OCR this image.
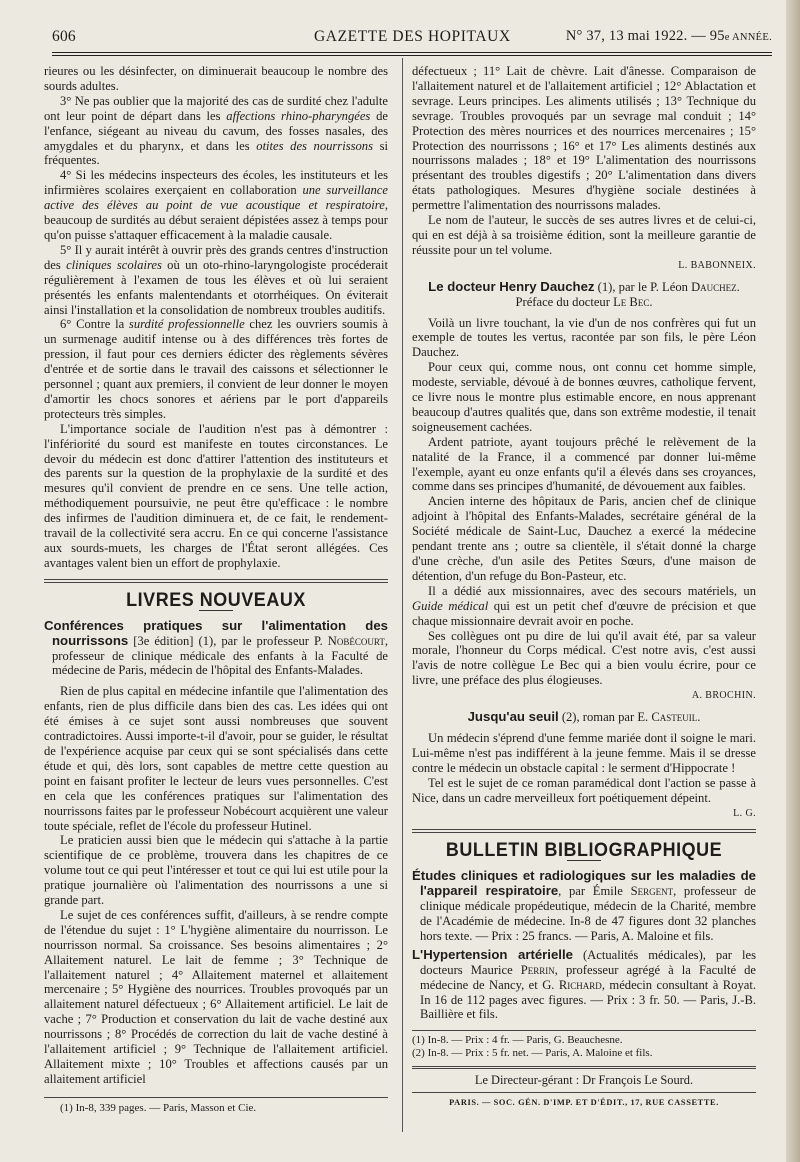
606	GAZETTE DES HOPITAUX	N° 37, 13 mai 1922. — 95e ANNÉE.

rieures ou les désinfecter, on diminuerait beaucoup le nombre des sourds adultes.

3° Ne pas oublier que la majorité des cas de surdité chez l'adulte ont leur point de départ dans les affections rhino-pharyngées de l'enfance, siégeant au niveau du cavum, des fosses nasales, des amygdales et du pharynx, et dans les otites des nourrissons si fréquentes.

4° Si les médecins inspecteurs des écoles, les instituteurs et les infirmières scolaires exerçaient en collaboration une surveillance active des élèves au point de vue acoustique et respiratoire, beaucoup de surdités au début seraient dépistées assez à temps pour qu'on puisse s'attaquer efficacement à la maladie causale.

5° Il y aurait intérêt à ouvrir près des grands centres d'instruction des cliniques scolaires où un oto-rhino-laryngologiste procéderait régulièrement à l'examen de tous les élèves et où lui seraient présentés les enfants malentendants et otorrhéiques. On éviterait ainsi l'installation et la consolidation de nombreux troubles auditifs.

6° Contre la surdité professionnelle chez les ouvriers soumis à un surmenage auditif intense ou à des différences très fortes de pression, il faut pour ces derniers édicter des règlements sévères d'entrée et de sortie dans le travail des caissons et sélectionner le personnel ; quant aux premiers, il convient de leur donner le moyen d'amortir les chocs sonores et aériens par le port d'appareils protecteurs très simples.

L'importance sociale de l'audition n'est pas à démontrer : l'infériorité du sourd est manifeste en toutes circonstances. Le devoir du médecin est donc d'attirer l'attention des instituteurs et des parents sur la question de la prophylaxie de la surdité et des mesures qu'il convient de prendre en ce sens. Une telle action, méthodiquement poursuivie, ne peut être qu'efficace : le nombre des infirmes de l'audition diminuera et, de ce fait, le rendement-travail de la collectivité sera accru. En ce qui concerne l'assistance aux sourds-muets, les charges de l'État seront allégées. Ces avantages valent bien un effort de prophylaxie.

LIVRES NOUVEAUX

Conférences pratiques sur l'alimentation des nourrissons [3e édition] (1), par le professeur P. Nobécourt, professeur de clinique médicale des enfants à la Faculté de médecine de Paris, médecin de l'hôpital des Enfants-Malades.

Rien de plus capital en médecine infantile que l'alimentation des enfants, rien de plus difficile dans bien des cas. Les idées qui ont été émises à ce sujet sont aussi nombreuses que souvent contradictoires. Aussi importe-t-il d'avoir, pour se guider, le résultat de l'expérience acquise par ceux qui se sont spécialisés dans cette étude et qui, dès lors, sont capables de mettre cette question au point en faisant profiter le lecteur de leurs vues personnelles. C'est en cela que les conférences pratiques sur l'alimentation des nourrissons faites par le professeur Nobécourt acquièrent une valeur toute spéciale, reflet de l'école du professeur Hutinel.

Le praticien aussi bien que le médecin qui s'attache à la partie scientifique de ce problème, trouvera dans les chapitres de ce volume tout ce qui peut l'intéresser et tout ce qui lui est utile pour la pratique journalière où l'alimentation des nourrissons a une si grande part.

Le sujet de ces conférences suffit, d'ailleurs, à se rendre compte de l'étendue du sujet : 1° L'hygiène alimentaire du nourrisson. Le nourrisson normal. Sa croissance. Ses besoins alimentaires ; 2° Allaitement naturel. Le lait de femme ; 3° Technique de l'allaitement naturel ; 4° Allaitement maternel et allaitement mercenaire ; 5° Hygiène des nourrices. Troubles provoqués par un allaitement naturel défectueux ; 6° Allaitement artificiel. Le lait de vache ; 7° Production et conservation du lait de vache destiné aux nourrissons ; 8° Procédés de correction du lait de vache destiné à l'allaitement artificiel ; 9° Technique de l'allaitement artificiel. Allaitement mixte ; 10° Troubles et affections causés par un allaitement artificiel

(1) In-8, 339 pages. — Paris, Masson et Cie.

défectueux ; 11° Lait de chèvre. Lait d'ânesse. Comparaison de l'allaitement naturel et de l'allaitement artificiel ; 12° Ablactation et sevrage. Leurs principes. Les aliments utilisés ; 13° Technique du sevrage. Troubles provoqués par un sevrage mal conduit ; 14° Protection des mères nourrices et des nourrices mercenaires ; 15° Protection des nourrissons ; 16° et 17° Les aliments destinés aux nourrissons malades ; 18° et 19° L'alimentation des nourrissons présentant des troubles digestifs ; 20° L'alimentation dans divers états pathologiques. Mesures d'hygiène sociale destinées à permettre l'alimentation des nourrissons malades.

Le nom de l'auteur, le succès de ses autres livres et de celui-ci, qui en est déjà à sa troisième édition, sont la meilleure garantie de réussite pour un tel volume.

L. BABONNEIX.
Le docteur Henry Dauchez (1), par le P. Léon Dauchez.
Préface du docteur Le Bec.

Voilà un livre touchant, la vie d'un de nos confrères qui fut un exemple de toutes les vertus, racontée par son fils, le père Léon Dauchez.

Pour ceux qui, comme nous, ont connu cet homme simple, modeste, serviable, dévoué à de bonnes œuvres, catholique fervent, ce livre nous le montre plus estimable encore, en nous apprenant beaucoup d'autres qualités que, dans son extrême modestie, il tenait soigneusement cachées.

Ardent patriote, ayant toujours prêché le relèvement de la natalité de la France, il a commencé par donner lui-même l'exemple, ayant eu onze enfants qu'il a élevés dans ses croyances, comme dans ses principes d'humanité, de dévouement aux faibles.

Ancien interne des hôpitaux de Paris, ancien chef de clinique adjoint à l'hôpital des Enfants-Malades, secrétaire général de la Société médicale de Saint-Luc, Dauchez a exercé la médecine pendant trente ans ; outre sa clientèle, il s'était donné la charge d'une crèche, d'un asile des Petites Sœurs, d'une maison de détention, d'un refuge du Bon-Pasteur, etc.

Il a dédié aux missionnaires, avec des secours matériels, un Guide médical qui est un petit chef d'œuvre de précision et que chaque missionnaire devrait avoir en poche.

Ses collègues ont pu dire de lui qu'il avait été, par sa valeur morale, l'honneur du Corps médical. C'est notre avis, c'est aussi l'avis de notre collègue Le Bec qui a bien voulu écrire, pour ce livre, une préface des plus élogieuses.

A. BROCHIN.
Jusqu'au seuil (2), roman par E. Casteuil.

Un médecin s'éprend d'une femme mariée dont il soigne le mari. Lui-même n'est pas indifférent à la jeune femme. Mais il se dresse contre le médecin un obstacle capital : le serment d'Hippocrate !

Tel est le sujet de ce roman paramédical dont l'action se passe à Nice, dans un cadre merveilleux fort poétiquement dépeint.

L. G.
BULLETIN BIBLIOGRAPHIQUE

Études cliniques et radiologiques sur les maladies de l'appareil respiratoire, par Émile Sergent, professeur de clinique médicale propédeutique, médecin de la Charité, membre de l'Académie de médecine. In-8 de 47 figures dont 32 planches hors texte. — Prix : 25 francs. — Paris, A. Maloine et fils.

L'Hypertension artérielle (Actualités médicales), par les docteurs Maurice Perrin, professeur agrégé à la Faculté de médecine de Nancy, et G. Richard, médecin consultant à Royat. In 16 de 112 pages avec figures. — Prix : 3 fr. 50. — Paris, J.-B. Baillière et fils.

(1) In-8. — Prix : 4 fr. — Paris, G. Beauchesne.

(2) In-8. — Prix : 5 fr. net. — Paris, A. Maloine et fils.

Le Directeur-gérant : Dr François Le Sourd.
PARIS. — SOC. GÉN. D'IMP. ET D'ÉDIT., 17, RUE CASSETTE.
